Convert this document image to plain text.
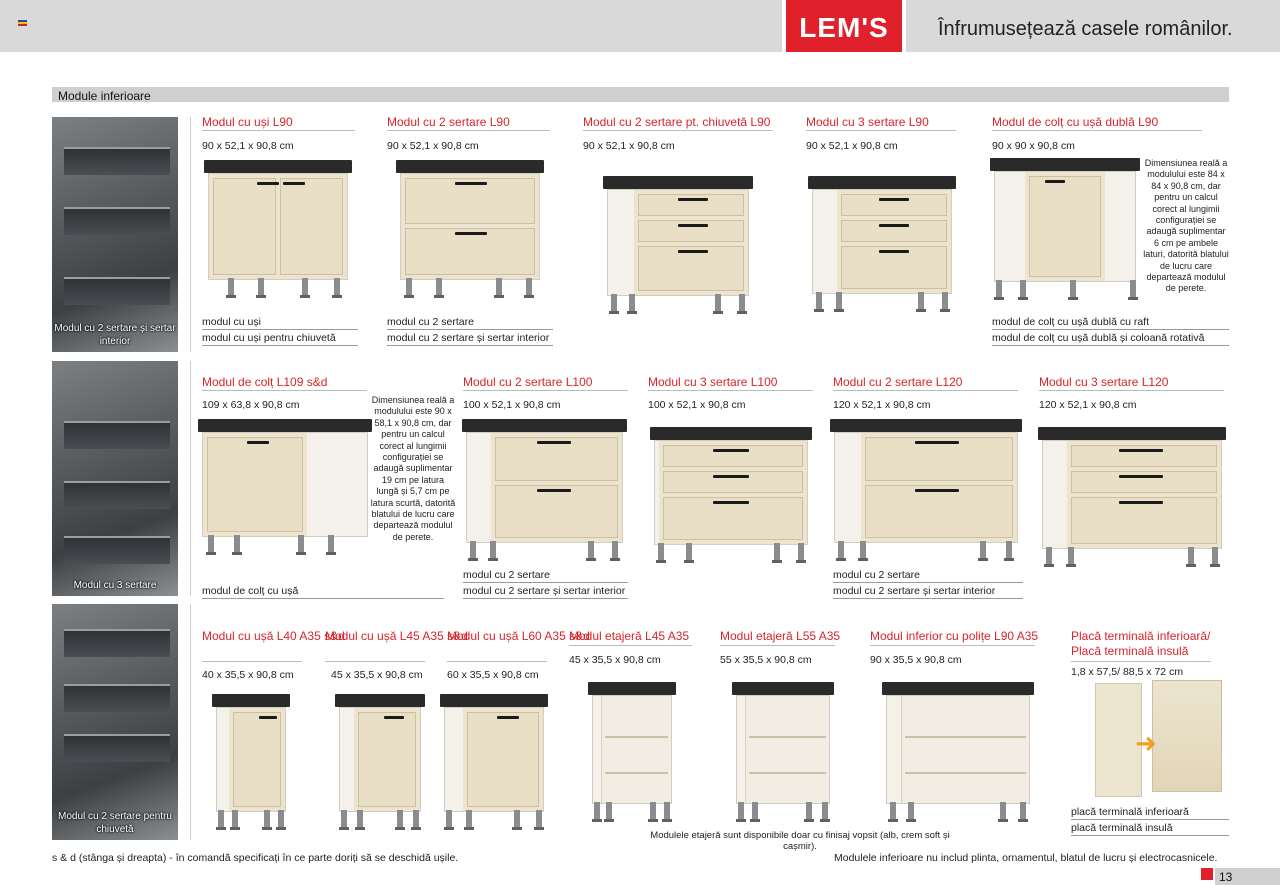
LEM'S	Înfrumusețează casele românilor.
Module inferioare
Modul cu 2 sertare și sertar interior
Modul cu 3 sertare
Modul cu 2 sertare pentru chiuvetă
Modul cu uși L90
90 x 52,1 x 90,8 cm
modul cu uși
modul cu uși pentru chiuvetă
Modul cu 2 sertare L90
90 x 52,1 x 90,8 cm
modul cu 2 sertare
modul cu 2 sertare și sertar interior
Modul cu 2 sertare pt. chiuvetă L90
90 x 52,1 x 90,8 cm
Modul cu 3 sertare L90
90 x 52,1 x 90,8 cm
Modul de colț cu ușă dublă L90
90 x 90 x 90,8 cm
Dimensiunea reală a modulului este 84 x 84 x 90,8 cm, dar pentru un calcul corect al lungimii configurației se adaugă suplimentar 6 cm pe ambele laturi, datorită blatului de lucru care departează modulul de perete.
modul de colț cu ușă dublă cu raft
modul de colț cu ușă dublă și coloană rotativă
Modul de colț L109 s&d
109 x 63,8 x 90,8 cm	Dimensiunea reală a modulului este 90 x 58,1 x 90,8 cm, dar pentru un calcul corect al lungimii configurației se adaugă suplimentar 19 cm pe latura lungă și 5,7 cm pe latura scurtă, datorită blatului de lucru care departează modulul de perete.
modul de colț cu ușă
Modul cu 2 sertare L100
100 x 52,1 x 90,8 cm
modul cu 2 sertare
modul cu 2 sertare și sertar interior
Modul cu 3 sertare L100
100 x 52,1 x 90,8 cm
Modul cu 2 sertare L120
120 x 52,1 x 90,8 cm
modul cu 2 sertare
modul cu 2 sertare și sertar interior
Modul cu 3 sertare L120
120 x 52,1 x 90,8 cm
Modul cu ușă L40 A35 s&d
40 x 35,5 x 90,8 cm
Modul cu ușă L45 A35 s&d
45 x 35,5 x 90,8 cm
Modul cu ușă L60 A35 s&d
60 x 35,5 x 90,8 cm
Modul etajeră L45 A35
45 x 35,5 x 90,8 cm
Modul etajeră L55 A35
55 x 35,5 x 90,8 cm
Modul inferior cu polițe L90 A35
90 x 35,5 x 90,8 cm
Modulele etajeră sunt disponibile doar cu finisaj vopsit (alb, crem soft și cașmir).
Placă terminală inferioară/ Placă terminală insulă
1,8 x 57,5/ 88,5 x 72 cm
➜
placă terminală inferioară
placă terminală insulă
s & d (stânga și dreapta) - în comandă specificați în ce parte doriți să se deschidă ușile.	Modulele inferioare nu includ plinta, ornamentul, blatul de lucru și electrocasnicele.
13
